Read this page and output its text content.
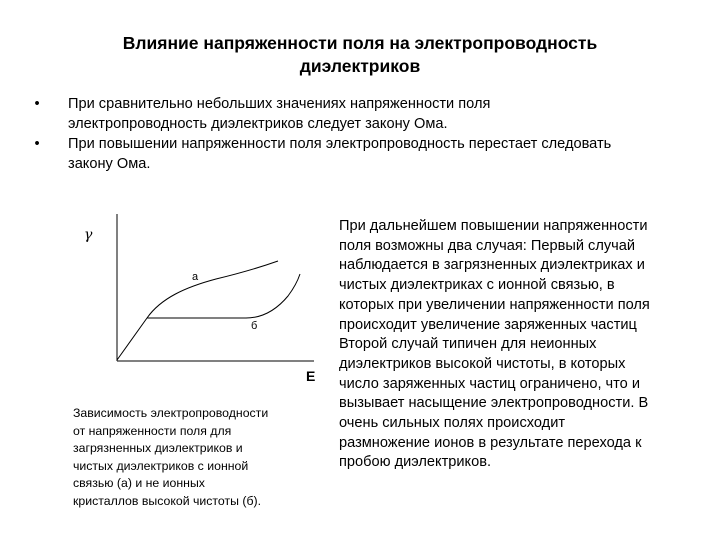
Влияние напряженности поля на электропроводность
диэлектриков
•	При сравнительно небольших значениях напряженности поля
электропроводность диэлектриков следует закону Ома.
•	При повышении напряженности поля электропроводность перестает следовать
закону Ома.
γ
E
а
б
Зависимость электропроводности
от напряженности поля для
загрязненных диэлектриков и
чистых диэлектриков с ионной
связью (а) и не ионных
кристаллов высокой чистоты (б).
При дальнейшем повышении напряженности
поля возможны два случая: Первый случай
наблюдается в загрязненных диэлектриках и
чистых диэлектриках с ионной связью, в
которых при увеличении напряженности поля
происходит увеличение заряженных частиц
Второй случай типичен для неионных
диэлектриков высокой чистоты, в которых
число заряженных частиц ограничено, что и
вызывает насыщение электропроводности. В
очень сильных полях происходит
размножение ионов в результате перехода к
пробою диэлектриков.
